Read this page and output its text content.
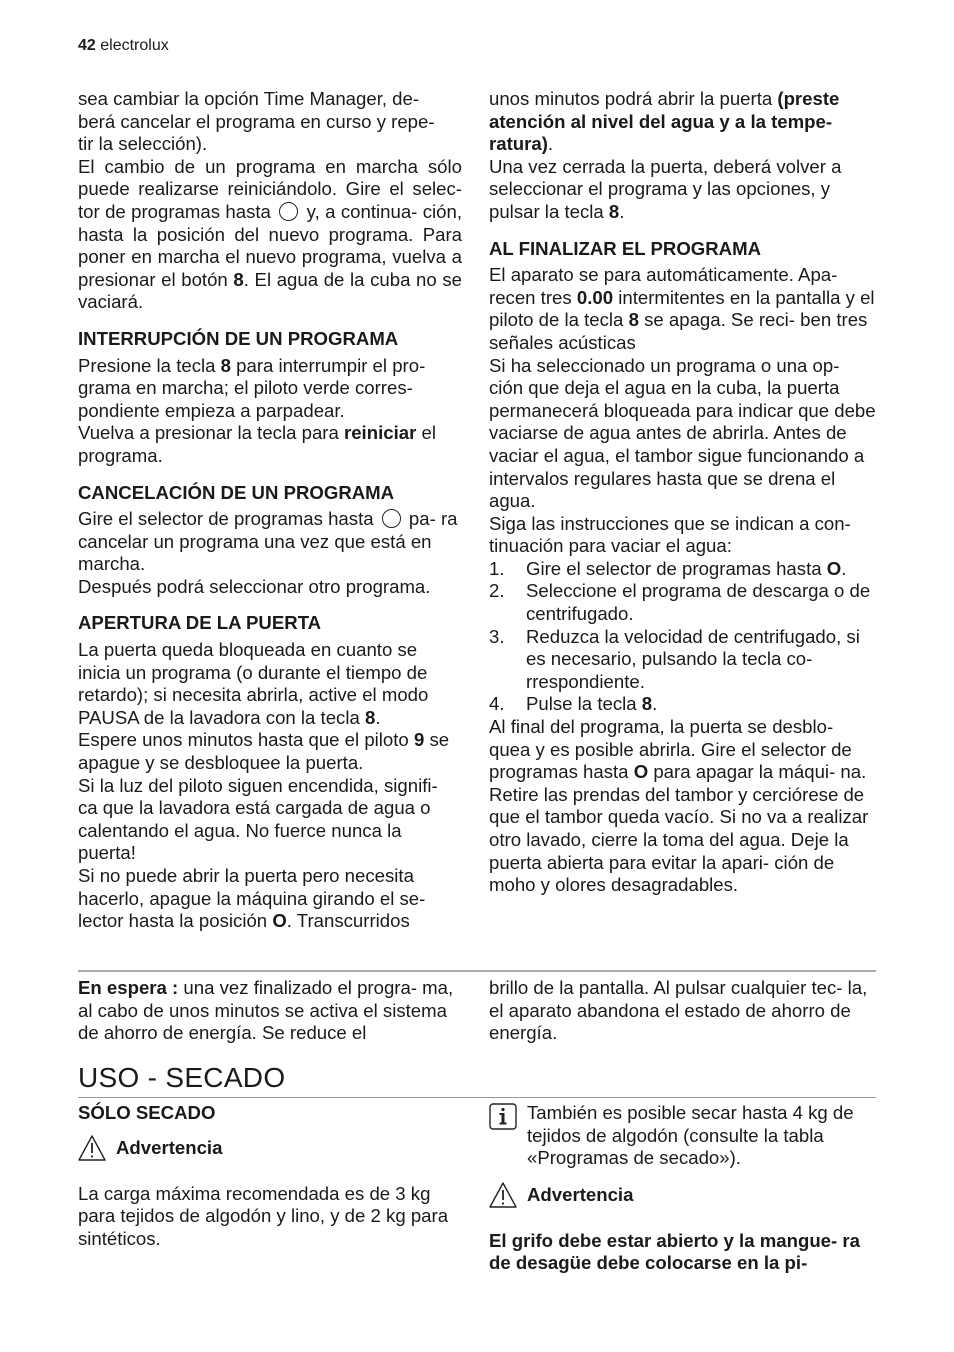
42 electrolux

sea cambiar la opción Time Manager, de-

berá cancelar el programa en curso y repe-

tir la selección).

El cambio de un programa en marcha sólo puede realizarse reiniciándolo. Gire el selec- tor de programas hasta y, a continua- ción, hasta la posición del nuevo programa. Para poner en marcha el nuevo programa, vuelva a presionar el botón 8. El agua de la cuba no se vaciará.

INTERRUPCIÓN DE UN PROGRAMA

Presione la tecla 8 para interrumpir el pro- grama en marcha; el piloto verde corres- pondiente empieza a parpadear.

Vuelva a presionar la tecla para reiniciar el programa.

CANCELACIÓN DE UN PROGRAMA

Gire el selector de programas hasta pa- ra cancelar un programa una vez que está en marcha.

Después podrá seleccionar otro programa.

APERTURA DE LA PUERTA

La puerta queda bloqueada en cuanto se inicia un programa (o durante el tiempo de retardo); si necesita abrirla, active el modo PAUSA de la lavadora con la tecla 8.

Espere unos minutos hasta que el piloto 9 se apague y se desbloquee la puerta.

Si la luz del piloto siguen encendida, signifi- ca que la lavadora está cargada de agua o calentando el agua. No fuerce nunca la puerta!

Si no puede abrir la puerta pero necesita hacerlo, apague la máquina girando el se- lector hasta la posición O. Transcurridos

unos minutos podrá abrir la puerta (preste atención al nivel del agua y a la tempe- ratura).

Una vez cerrada la puerta, deberá volver a seleccionar el programa y las opciones, y pulsar la tecla 8.

AL FINALIZAR EL PROGRAMA

El aparato se para automáticamente. Apa- recen tres 0.00 intermitentes en la pantalla y el piloto de la tecla 8 se apaga. Se reci- ben tres señales acústicas

Si ha seleccionado un programa o una op- ción que deja el agua en la cuba, la puerta permanecerá bloqueada para indicar que debe vaciarse de agua antes de abrirla. Antes de vaciar el agua, el tambor sigue funcionando a intervalos regulares hasta que se drena el agua.

Siga las instrucciones que se indican a con- tinuación para vaciar el agua:

1. Gire el selector de programas hasta O.
2. Seleccione el programa de descarga o de centrifugado.
3. Reduzca la velocidad de centrifugado, si es necesario, pulsando la tecla co- rrespondiente.
4. Pulse la tecla 8.

Al final del programa, la puerta se desblo- quea y es posible abrirla. Gire el selector de programas hasta O para apagar la máqui- na.

Retire las prendas del tambor y cerciórese de que el tambor queda vacío. Si no va a realizar otro lavado, cierre la toma del agua. Deje la puerta abierta para evitar la apari- ción de moho y olores desagradables.

En espera : una vez finalizado el progra- ma, al cabo de unos minutos se activa el sistema de ahorro de energía. Se reduce el

brillo de la pantalla. Al pulsar cualquier tec- la, el aparato abandona el estado de ahorro de energía.

USO - SECADO
SÓLO SECADO
Advertencia

La carga máxima recomendada es de 3 kg para tejidos de algodón y lino, y de 2 kg para sintéticos.

También es posible secar hasta 4 kg de tejidos de algodón (consulte la tabla «Programas de secado»).

Advertencia

El grifo debe estar abierto y la mangue- ra de desagüe debe colocarse en la pi-
